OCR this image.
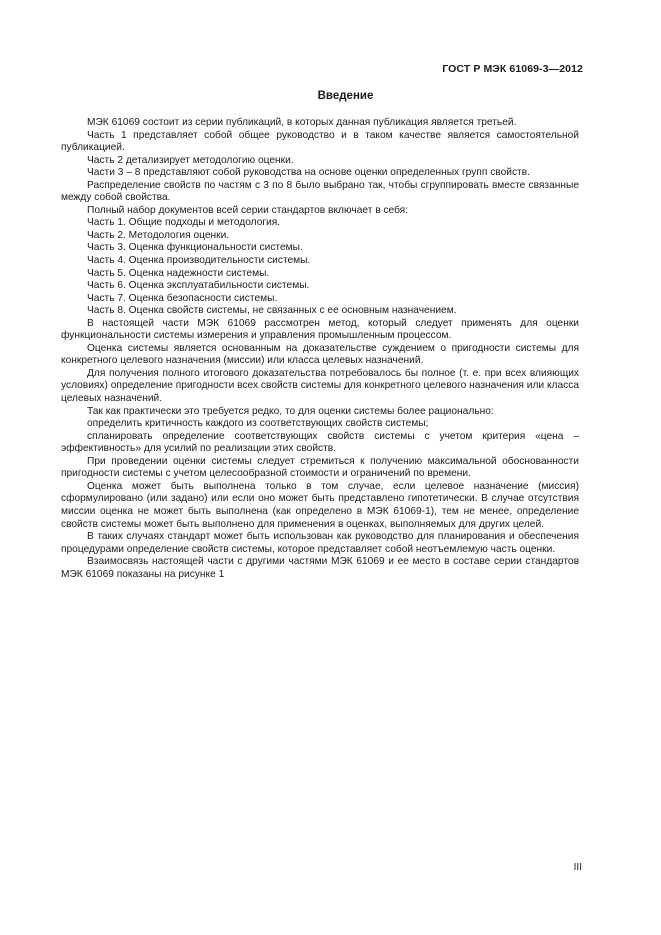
ГОСТ Р МЭК 61069-3—2012
Введение

МЭК 61069 состоит из серии публикаций, в которых данная публикация является третьей.

Часть 1 представляет собой общее руководство и в таком качестве является самостоятельной публикацией.

Часть 2 детализирует методологию оценки.

Части 3 – 8 представляют собой руководства на основе оценки определенных групп свойств.

Распределение свойств по частям с 3 по 8 было выбрано так, чтобы сгруппировать вместе связанные между собой свойства.

Полный набор документов всей серии стандартов включает в себя:

Часть 1. Общие подходы и методология.

Часть 2. Методология оценки.

Часть 3. Оценка функциональности системы.

Часть 4. Оценка производительности системы.

Часть 5. Оценка надежности системы.

Часть 6. Оценка эксплуатабильности системы.

Часть 7. Оценка безопасности системы.

Часть 8. Оценка свойств системы, не связанных с ее основным назначением.

В настоящей части МЭК 61069 рассмотрен метод, который следует применять для оценки функциональности системы измерения и управления промышленным процессом.

Оценка системы является основанным на доказательстве суждением о пригодности системы для конкретного целевого назначения (миссии) или класса целевых назначений.

Для получения полного итогового доказательства потребовалось бы полное (т. е. при всех влияющих условиях) определение пригодности всех свойств системы для конкретного целевого назначения или класса целевых назначений.

Так как практически это требуется редко, то для оценки системы более рационально:

определить критичность каждого из соответствующих свойств системы;

спланировать определение соответствующих свойств системы с учетом критерия «цена – эффективность» для усилий по реализации этих свойств.

При проведении оценки системы следует стремиться к получению максимальной обоснованности пригодности системы с учетом целесообразной стоимости и ограничений по времени.

Оценка может быть выполнена только в том случае, если целевое назначение (миссия) сформулировано (или задано) или если оно может быть представлено гипотетически. В случае отсутствия миссии оценка не может быть выполнена (как определено в МЭК 61069-1), тем не менее, определение свойств системы может быть выполнено для применения в оценках, выполняемых для других целей.

В таких случаях стандарт может быть использован как руководство для планирования и обеспечения процедурами определение свойств системы, которое представляет собой неотъемлемую часть оценки.

Взаимосвязь настоящей части с другими частями МЭК 61069 и ее место в составе серии стандартов МЭК 61069 показаны на рисунке 1

III
